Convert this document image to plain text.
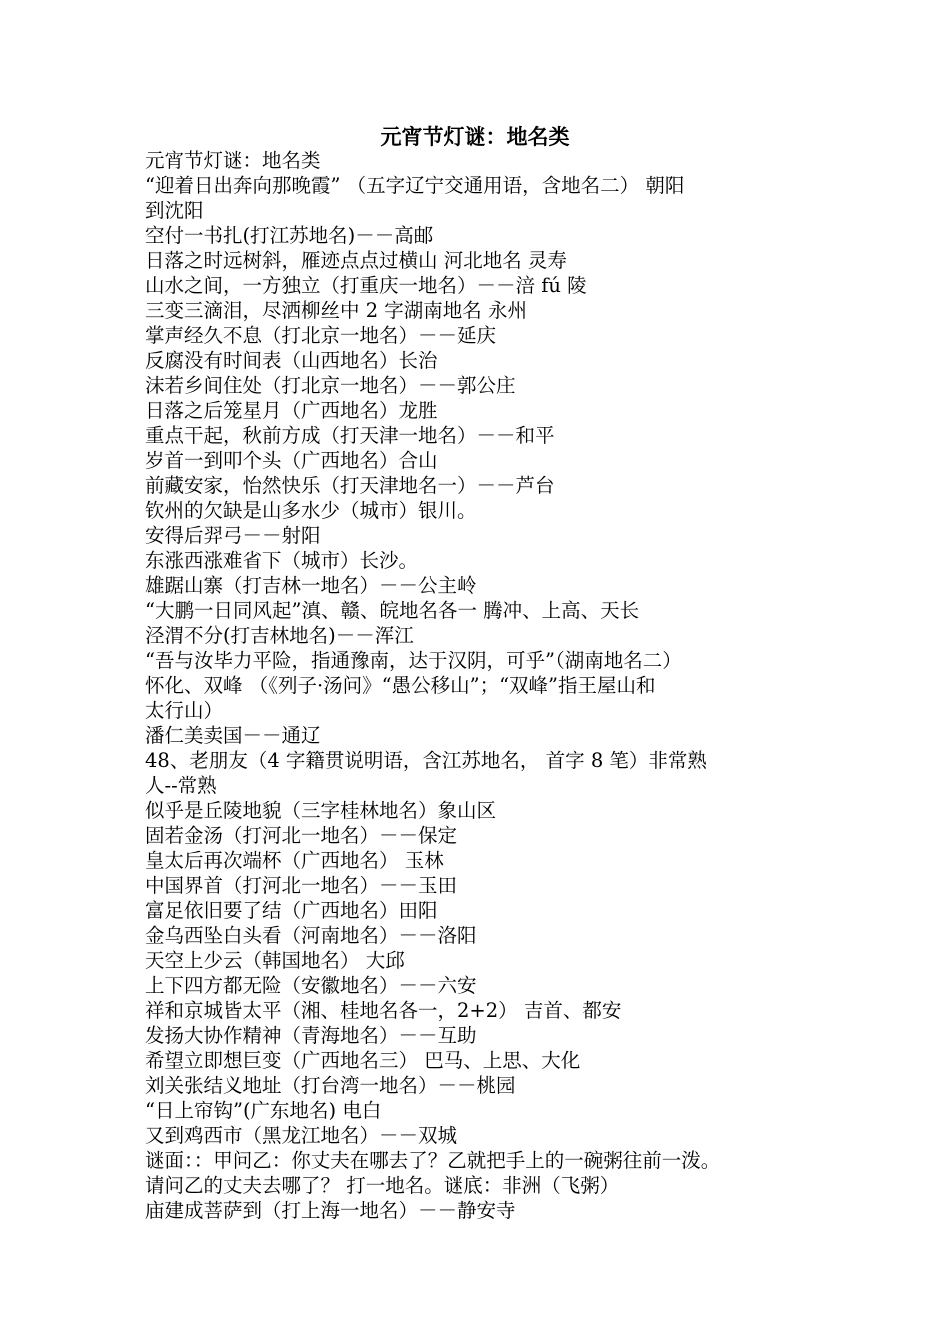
元宵节灯谜：地名类
元宵节灯谜：地名类
“迎着日出奔向那晚霞” （五字辽宁交通用语，含地名二） 朝阳
到沈阳
空付一书扎(打江苏地名)－－高邮
日落之时远树斜，雁迹点点过横山 河北地名 灵寿
山水之间，一方独立（打重庆一地名）－－涪 fú 陵
三变三滴泪，尽洒柳丝中 2 字湖南地名 永州
掌声经久不息（打北京一地名）－－延庆
反腐没有时间表（山西地名）长治
沫若乡间住处（打北京一地名）－－郭公庄
日落之后笼星月（广西地名）龙胜
重点干起，秋前方成（打天津一地名）－－和平
岁首一到叩个头（广西地名）合山
前藏安家，怡然快乐（打天津地名一）－－芦台
钦州的欠缺是山多水少（城市）银川。
安得后羿弓－－射阳
东涨西涨难省下（城市）长沙。
雄踞山寨（打吉林一地名）－－公主岭
“大鹏一日同风起”滇、赣、皖地名各一 腾冲、上高、天长
泾渭不分(打吉林地名)－－浑江
“吾与汝毕力平险，指通豫南，达于汉阴，可乎”（湖南地名二）
怀化、双峰 （《列子·汤问》“愚公移山”；“双峰”指王屋山和
太行山）
潘仁美卖国－－通辽
48、老朋友（4 字籍贯说明语，含江苏地名， 首字 8 笔）非常熟
人--常熟
似乎是丘陵地貌（三字桂林地名）象山区
固若金汤（打河北一地名）－－保定
皇太后再次端杯（广西地名） 玉林
中国界首（打河北一地名）－－玉田
富足依旧要了结（广西地名）田阳
金乌西坠白头看（河南地名）－－洛阳
天空上少云（韩国地名） 大邱
上下四方都无险（安徽地名）－－六安
祥和京城皆太平（湘、桂地名各一，2+2） 吉首、都安
发扬大协作精神（青海地名）－－互助
希望立即想巨变（广西地名三） 巴马、上思、大化
刘关张结义地址（打台湾一地名）－－桃园
“日上帘钩”(广东地名) 电白
又到鸡西市（黑龙江地名）－－双城
谜面：：甲问乙：你丈夫在哪去了？乙就把手上的一碗粥往前一泼。
请问乙的丈夫去哪了？ 打一地名。谜底：非洲（飞粥）
庙建成菩萨到（打上海一地名）－－静安寺
